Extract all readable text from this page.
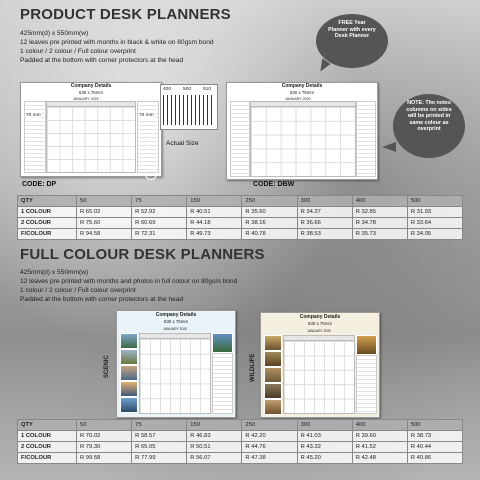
PRODUCT DESK PLANNERS
425mm(d) x 550mm(w)
12 leaves pre printed with months in black & white on 80gsm bond
1 colour / 2 colour / Full colour overprint
Padded at the bottom with corner protectors at the head
FREE Year Planner with every Desk Planner
NOTE: The notes columns on sides will be printed in same colour as overprint
Company Details
630 x 75mm
JANUARY 2020
70 mm	70 mm
CODE: DP
400 500 510
Actual Size
Company Details
630 x 75mm
JANUARY 2020
CODE: DBW
QTY	50	75	150	250	300	400	500
1 COLOUR	R 65.02	R 52.92	R 40.51	R 35.60	R 34.37	R 32.85	R 31.93
2 COLOUR	R 75.60	R 60.69	R 44.18	R 38.16	R 36.66	R 34.78	R 33.64
F/COLOUR	R 94.58	R 72.31	R 49.73	R 40.78	R 38.53	R 35.73	R 34.05
FULL COLOUR DESK PLANNERS
425mm(d) x 550mm(w)
12 leaves pre printed with months and photos in full colour on 80gsm bond
1 colour / 2 colour / Full colour overprint
Padded at the bottom with corner protectors at the head
SCENIC
Company Details
630 x 75mm
JANUARY 2020
WILDLIFE
Company Details
630 x 75mm
JANUARY 2020
QTY	50	75	150	250	300	400	500
1 COLOUR	R 70.02	R 58.57	R 46.83	R 42.20	R 41.03	R 39.60	R 38.73
2 COLOUR	R 79.30	R 65.05	R 50.51	R 44.76	R 43.32	R 41.52	R 40.44
F/COLOUR	R 99.58	R 77.99	R 56.07	R 47.38	R 45.20	R 42.48	R 40.86
